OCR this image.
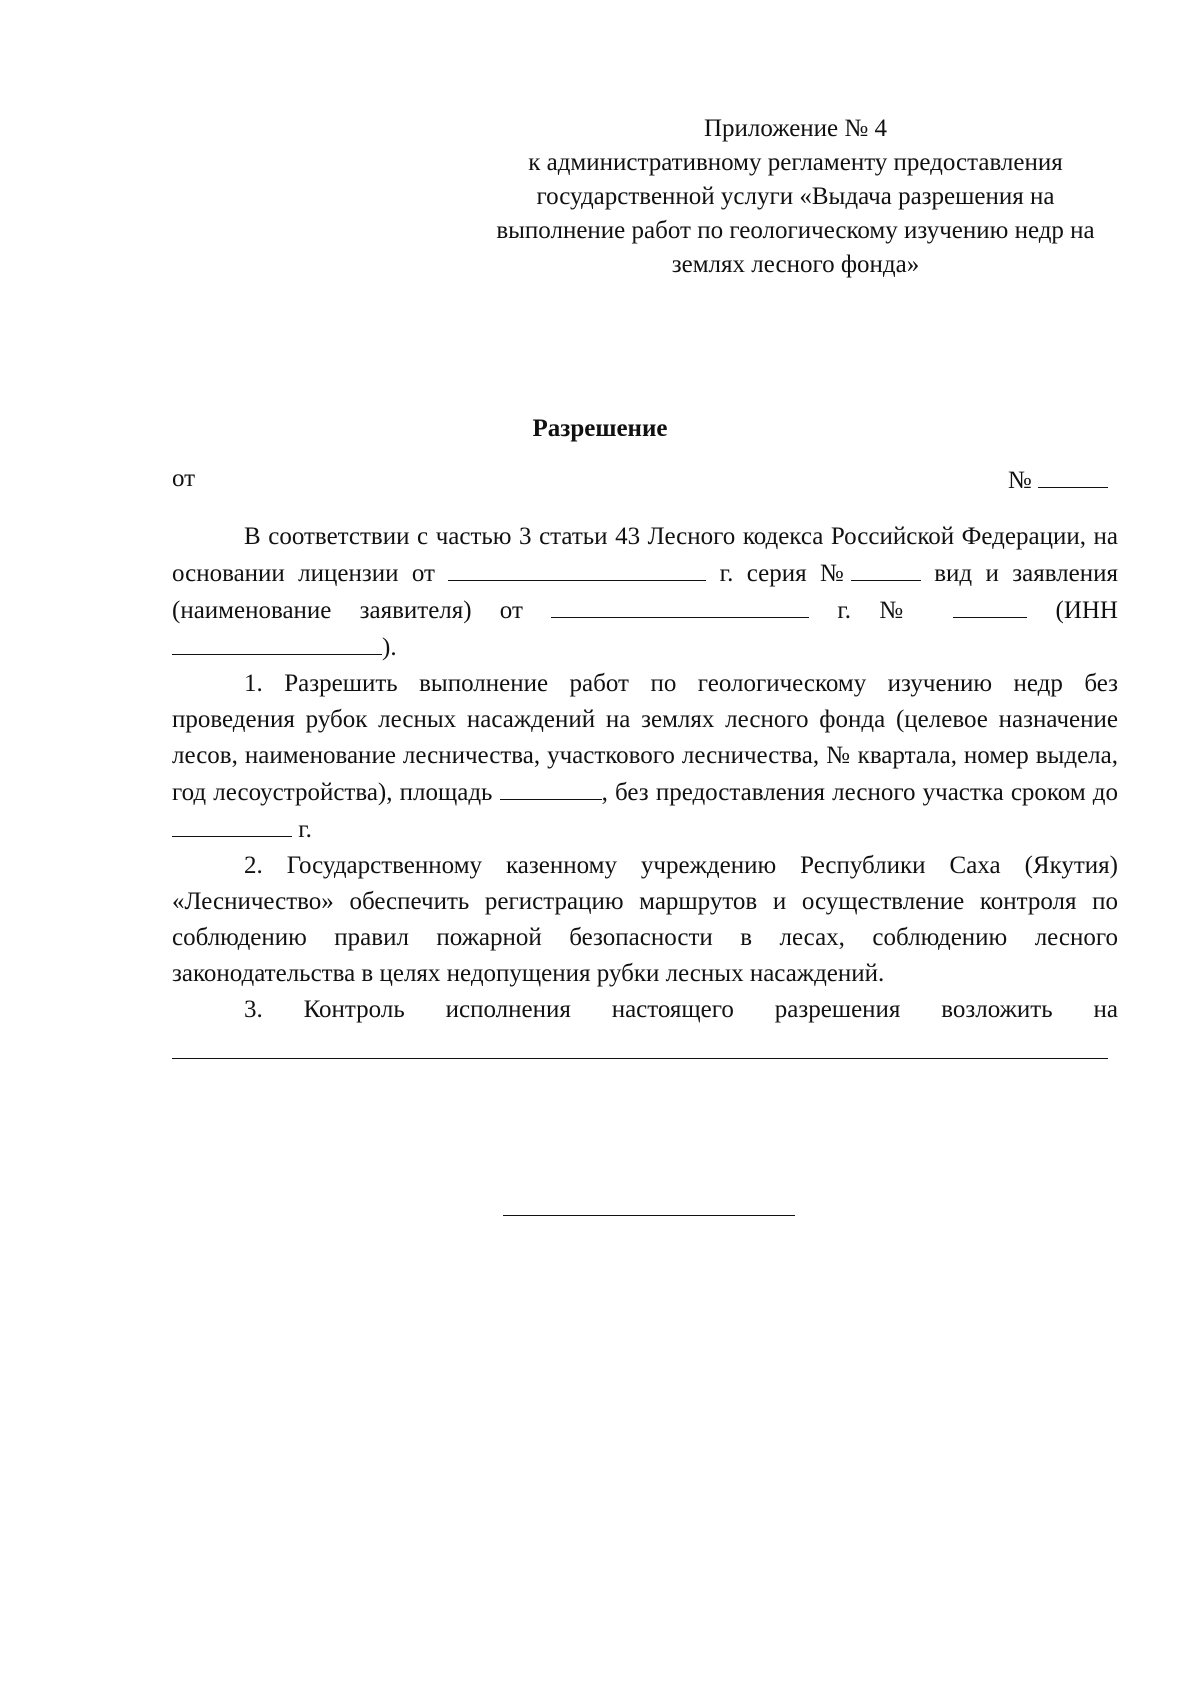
Приложение № 4
к административному регламенту предоставления государственной услуги «Выдача разрешения на выполнение работ по геологическому изучению недр на землях лесного фонда»
Разрешение
от	№

В соответствии с частью 3 статьи 43 Лесного кодекса Российской Федерации, на основании лицензии от	г. серия №	вид и заявления (наименование заявителя) от	г. №	(ИНН ).

1. Разрешить выполнение работ по геологическому изучению недр без проведения рубок лесных насаждений на землях лесного фонда (целевое назначение лесов, наименование лесничества, участкового лесничества, № квартала, номер выдела, год лесоустройства), площадь	, без предоставления лесного участка сроком до  г.

2. Государственному казенному учреждению Республики Саха (Якутия) «Лесничество» обеспечить регистрацию маршрутов и осуществление контроля по соблюдению правил пожарной безопасности в лесах, соблюдению лесного законодательства в целях недопущения рубки лесных насаждений.

3. Контроль исполнения настоящего разрешения возложить на
